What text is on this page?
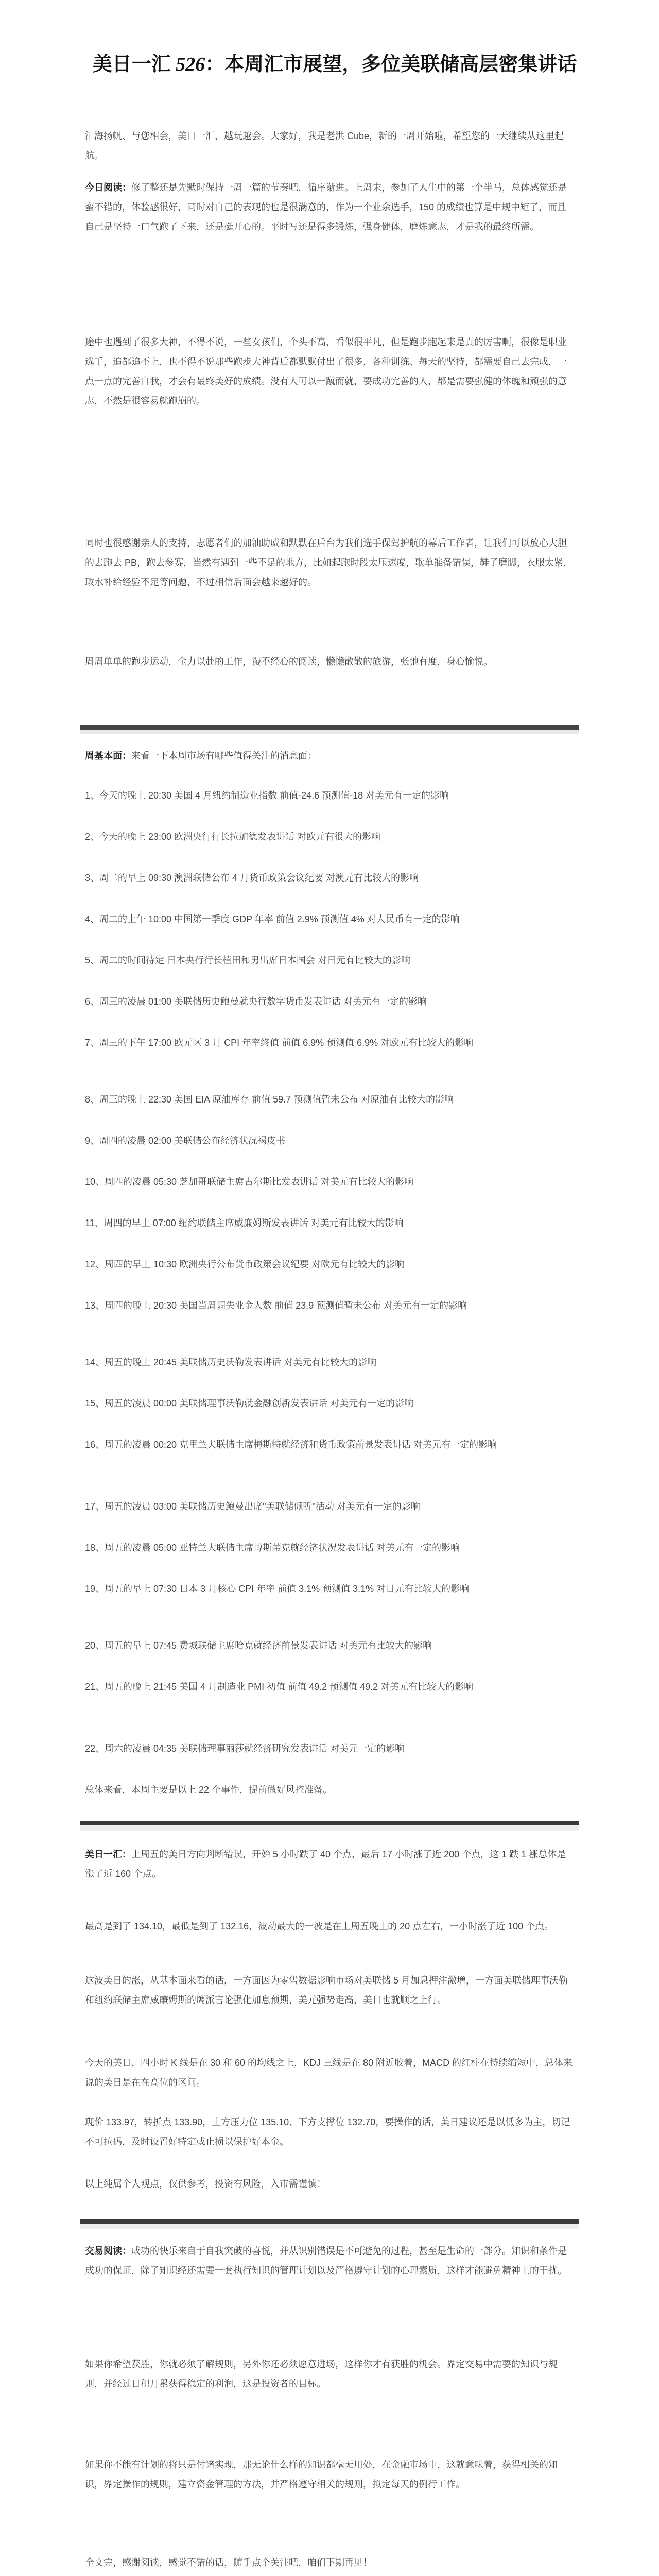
美日一汇 526：本周汇市展望，多位美联储高层密集讲话

汇海扬帆、与您相会，美日一汇，越玩越会。大家好，我是老洪 Cube，新的一周开始啦，希望您的一天继续从这里起航。

今日阅读：修了整还是先默时保持一周一篇的节奏吧，循序渐进。上周末，参加了人生中的第一个半马，总体感觉还是蛮不错的，体验感很好，同时对自己的表现的也是很满意的，作为一个业余选手，150 的成绩也算是中规中矩了，而且自己是坚持一口气跑了下来，还是挺开心的。平时写还是得多锻炼，强身健体，磨炼意志，才是我的最终所需。

途中也遇到了很多大神，不得不说，一些女孩们，个头不高，看似很平凡，但是跑步跑起来是真的厉害啊，很像是职业选手，追都追不上，也不得不说那些跑步大神背后都默默付出了很多，各种训练、每天的坚持，都需要自己去完成，一点一点的完善自我，才会有最终美好的成绩。没有人可以一蹴而就，要成功完善的人，都是需要强健的体魄和顽强的意志，不然是很容易就跑崩的。

同时也很感谢亲人的支持，志愿者们的加油助威和默默在后台为我们选手保驾护航的幕后工作者，让我们可以放心大胆的去跑去 PB，跑去参赛，当然有遇到一些不足的地方，比如起跑时段太压速度，歌单准备错误，鞋子磨脚，衣服太紧，取水补给经验不足等问题，不过相信后面会越来越好的。

周周单单的跑步运动，全力以赴的工作，漫不经心的阅读，懒懒散散的旅游，张弛有度，身心愉悦。

周基本面：来看一下本周市场有哪些值得关注的消息面：

1、今天的晚上 20:30 美国 4 月纽约制造业指数 前值-24.6 预测值-18 对美元有一定的影响

2、今天的晚上 23:00 欧洲央行行长拉加德发表讲话 对欧元有很大的影响

3、周二的早上 09:30 澳洲联储公布 4 月货币政策会议纪要 对澳元有比较大的影响

4、周二的上午 10:00 中国第一季度 GDP 年率 前值 2.9% 预测值 4% 对人民币有一定的影响

5、周二的时间待定 日本央行行长植田和男出席日本国会 对日元有比较大的影响

6、周三的凌晨 01:00 美联储历史鲍曼就央行数字货币发表讲话 对美元有一定的影响

7、周三的下午 17:00 欧元区 3 月 CPI 年率终值 前值 6.9% 预测值 6.9% 对欧元有比较大的影响

8、周三的晚上 22:30 美国 EIA 原油库存 前值 59.7 预测值暂未公布 对原油有比较大的影响

9、周四的凌晨 02:00 美联储公布经济状况褐皮书

10、周四的凌晨 05:30 芝加哥联储主席古尔斯比发表讲话 对美元有比较大的影响

11、周四的早上 07:00 纽约联储主席威廉姆斯发表讲话 对美元有比较大的影响

12、周四的早上 10:30 欧洲央行公布货币政策会议纪要 对欧元有比较大的影响

13、周四的晚上 20:30 美国当周调失业金人数 前值 23.9 预测值暂未公布 对美元有一定的影响

14、周五的晚上 20:45 美联储历史沃勒发表讲话 对美元有比较大的影响

15、周五的凌晨 00:00 美联储理事沃勒就金融创新发表讲话 对美元有一定的影响

16、周五的凌晨 00:20 克里兰夫联储主席梅斯特就经济和货币政策前景发表讲话 对美元有一定的影响

17、周五的凌晨 03:00 美联储历史鲍曼出席"美联储倾听"活动 对美元有一定的影响

18、周五的凌晨 05:00 亚特兰大联储主席博斯蒂克就经济状况发表讲话 对美元有一定的影响

19、周五的早上 07:30 日本 3 月核心 CPI 年率 前值 3.1% 预测值 3.1% 对日元有比较大的影响

20、周五的早上 07:45 费城联储主席哈克就经济前景发表讲话 对美元有比较大的影响

21、周五的晚上 21:45 美国 4 月制造业 PMI 初值 前值 49.2 预测值 49.2 对美元有比较大的影响

22、周六的凌晨 04:35 美联储理事丽莎就经济研究发表讲话 对美元一定的影响

总体来看，本周主要是以上 22 个事件，提前做好风控准备。

美日一汇：上周五的美日方向判断错误，开始 5 小时跌了 40 个点，最后 17 小时涨了近 200 个点，这 1 跌 1 涨总体是涨了近 160 个点。

最高是到了 134.10，最低是到了 132.16，波动最大的一波是在上周五晚上的 20 点左右，一小时涨了近 100 个点。

这波美日的涨，从基本面来看的话，一方面因为零售数据影响市场对美联储 5 月加息押注激增，一方面美联储理事沃勒和纽约联储主席威廉姆斯的鹰派言论强化加息预期，美元强势走高，美日也就顺之上行。

今天的美日，四小时 K 线是在 30 和 60 的均线之上，KDJ 三线是在 80 附近胶着，MACD 的红柱在持续缩短中，总体来说的美日是在在高位的区间。

现价 133.97，转折点 133.90，上方压力位 135.10、下方支撑位 132.70，要操作的话，美日建议还是以低多为主，切记不可拉码，及时设置好特定或止损以保护好本金。

以上纯属个人观点，仅供参考，投资有风险，入市需谨慎！

交易阅读：成功的快乐来自于自我突破的喜悦，并从识别错误是不可避免的过程，甚至是生命的一部分。知识和条件是成功的保证，除了知识经还需要一套执行知识的管理计划以及严格遵守计划的心理素质，这样才能避免精神上的干扰。

如果你希望获胜，你就必须了解规则，另外你还必须愿意进场，这样你才有获胜的机会。界定交易中需要的知识与规则，并经过日积月累获得稳定的利润，这是投资者的目标。

如果你不能有计划的将只是付诸实现，那无论什么样的知识都毫无用处，在金融市场中，这就意味着，获得相关的知识，界定操作的规则，建立资金管理的方法，并严格遵守相关的规则，拟定每天的例行工作。

全文完，感谢阅读，感觉不错的话，随手点个关注吧，咱们下期再见！
